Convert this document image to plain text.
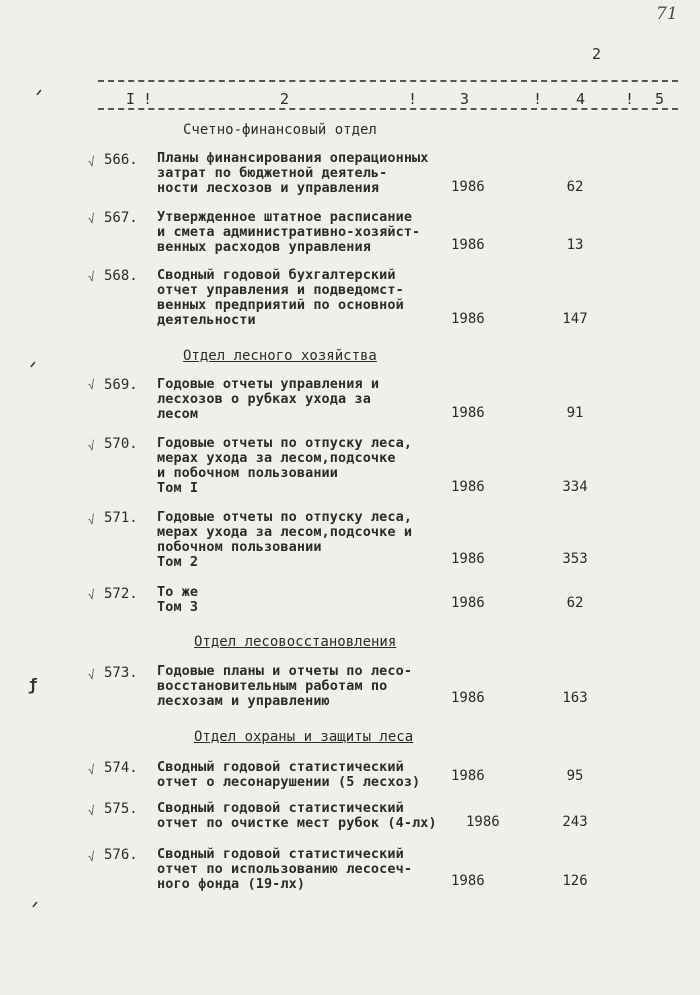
71
2
I !	2	!	3	! 4	! 5
Счетно-финансовый отдел
√ 566. Планы финансирования операционных
затрат по бюджетной деятель-
ности лесхозов и управления	1986	62
√ 567. Утвержденное штатное расписание
и смета административно-хозяйст-
венных расходов управления	1986	13
√ 568. Сводный годовой бухгалтерский
отчет управления и подведомст-
венных предприятий по основной
деятельности	1986	147
Отдел лесного хозяйства
√ 569. Годовые отчеты управления и
лесхозов о рубках ухода за
лесом	1986	91
√ 570. Годовые отчеты по отпуску леса,
мерах ухода за лесом,подсочке
и побочном пользовании
Том I	1986	334
√ 571. Годовые отчеты по отпуску леса,
мерах ухода за лесом,подсочке и
побочном пользовании
Том 2	1986	353
√ 572. То же
Том 3	1986	62
Отдел лесовосстановления
√ 573. Годовые планы и отчеты по лесо-
восстановительным работам по
лесхозам и управлению	1986	163
Отдел охраны и защиты леса
√ 574. Сводный годовой статистический
отчет о лесонарушении (5 лесхоз)	1986	95
√ 575. Сводный годовой статистический
отчет по очистке мест рубок (4-лх)	1986	243
√ 576. Сводный годовой статистический
отчет по использованию лесосеч-
ного фонда (19-лх)	1986	126
ᐟ
ᐟ
ƒ
ᐟ
